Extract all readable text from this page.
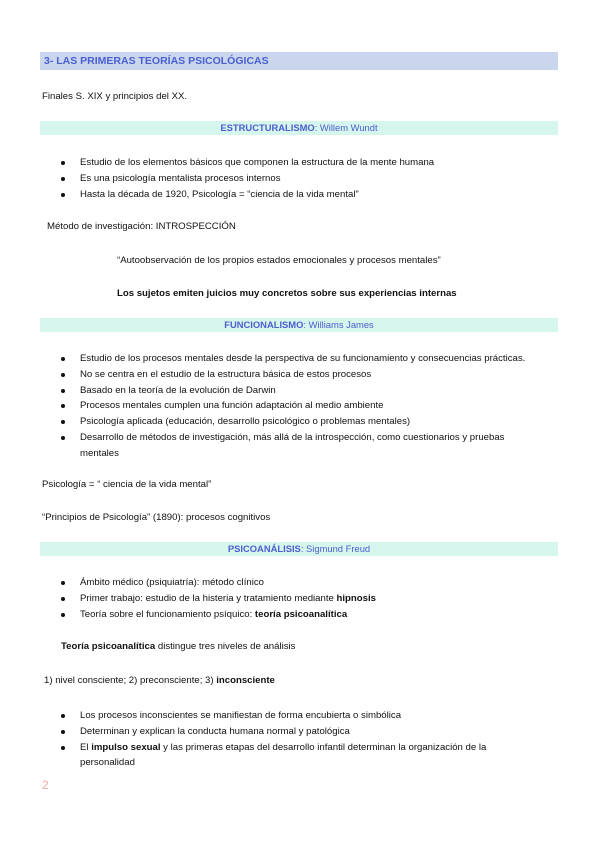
3- LAS PRIMERAS TEORÍAS PSICOLÓGICAS
Finales S. XIX y principios del XX.
ESTRUCTURALISMO: Willem Wundt
Estudio de los elementos básicos que componen la estructura de la mente humana
Es una psicología mentalista procesos internos
Hasta la década de 1920, Psicología = “ciencia de la vida mental”
Método de investigación: INTROSPECCIÓN
“Autoobservación de los propios estados emocionales y procesos mentales”
Los sujetos emiten juicios muy concretos sobre sus experiencias internas
FUNCIONALISMO: Williams James
Estudio de los procesos mentales desde la perspectiva de su funcionamiento y consecuencias prácticas.
No se centra en el estudio de la estructura básica de estos procesos
Basado en la teoría de la evolución de Darwin
Procesos mentales cumplen una función adaptación al medio ambiente
Psicología aplicada (educación, desarrollo psicológico o problemas mentales)
Desarrollo de métodos de investigación, más allá de la introspección, como cuestionarios y pruebas mentales
Psicología = “ ciencia de la vida mental”
“Principios de Psicología” (1890): procesos cognitivos
PSICOANÁLISIS: Sigmund Freud
Ámbito médico (psiquiatría): método clínico
Primer trabajo: estudio de la histeria y tratamiento mediante hipnosis
Teoría sobre el funcionamiento psíquico: teoría psicoanalítica
Teoría psicoanalítica distingue tres niveles de análisis
1) nivel consciente; 2) preconsciente; 3) inconsciente
Los procesos inconscientes se manifiestan de forma encubierta o simbólica
Determinan y explican la conducta humana normal y patológica
El impulso sexual y las primeras etapas del desarrollo infantil determinan la organización de la personalidad
2
